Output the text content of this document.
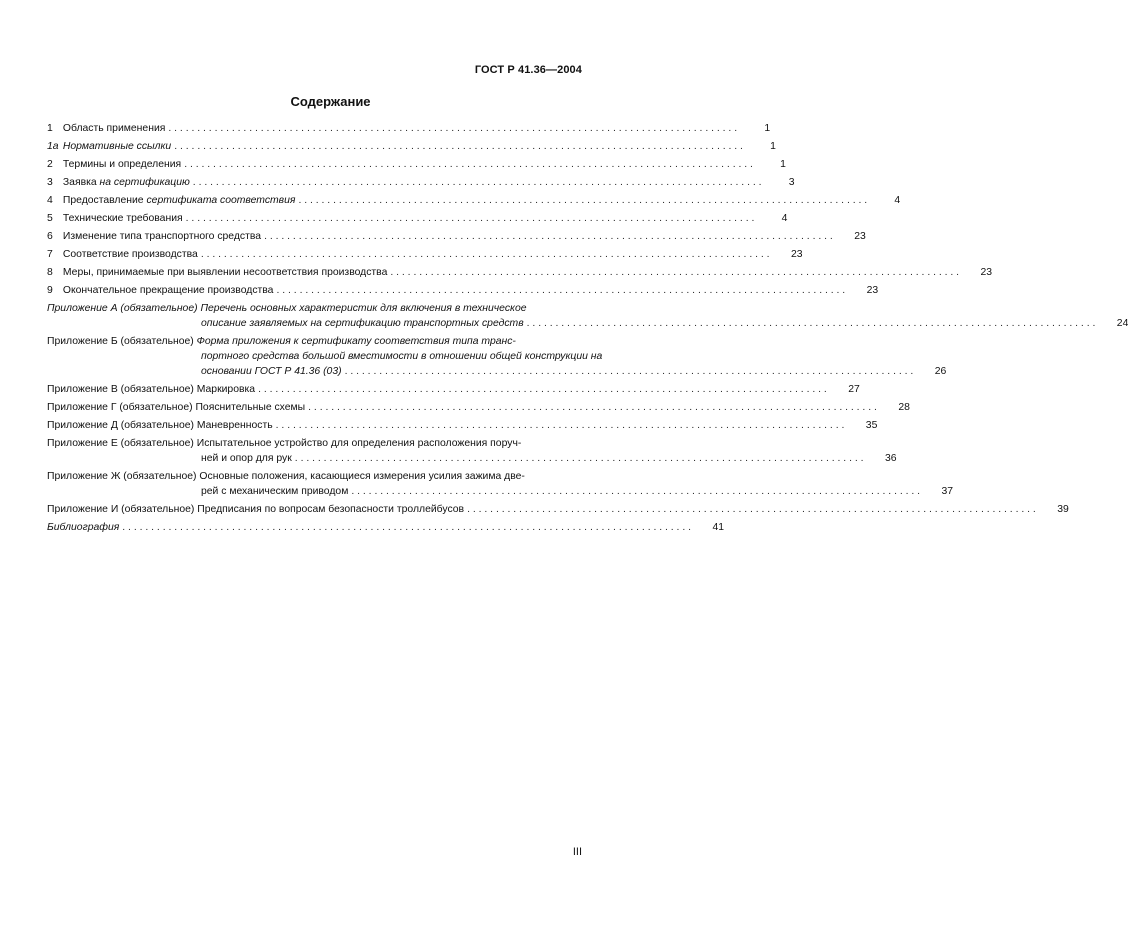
ГОСТ Р 41.36—2004
Содержание
1 Область применения . . .	1
1а Нормативные ссылки . . .	1
2 Термины и определения . . .	1
3 Заявка на сертификацию . . .	3
4 Предоставление сертификата соответствия . . .	4
5 Технические требования . . .	4
6 Изменение типа транспортного средства . . .	23
7 Соответствие производства . . .	23
8 Меры, принимаемые при выявлении несоответствия производства . . .	23
9 Окончательное прекращение производства . . .	23
Приложение А (обязательное) Перечень основных характеристик для включения в техническое
описание заявляемых на сертификацию транспортных средств . . .	24
Приложение Б (обязательное) Форма приложения к сертификату соответствия типа транс-
портного средства большой вместимости в отношении общей конструкции на
основании ГОСТ Р 41.36 (03) . . .	26
Приложение В (обязательное) Маркировка . . .	27
Приложение Г (обязательное) Пояснительные схемы . . .	28
Приложение Д (обязательное) Маневренность . . .	35
Приложение Е (обязательное) Испытательное устройство для определения расположения поруч-
ней и опор для рук . . .	36
Приложение Ж (обязательное) Основные положения, касающиеся измерения усилия зажима две-
рей с механическим приводом . . .	37
Приложение И (обязательное) Предписания по вопросам безопасности троллейбусов . . .	39
Библиография . . .	41
III
